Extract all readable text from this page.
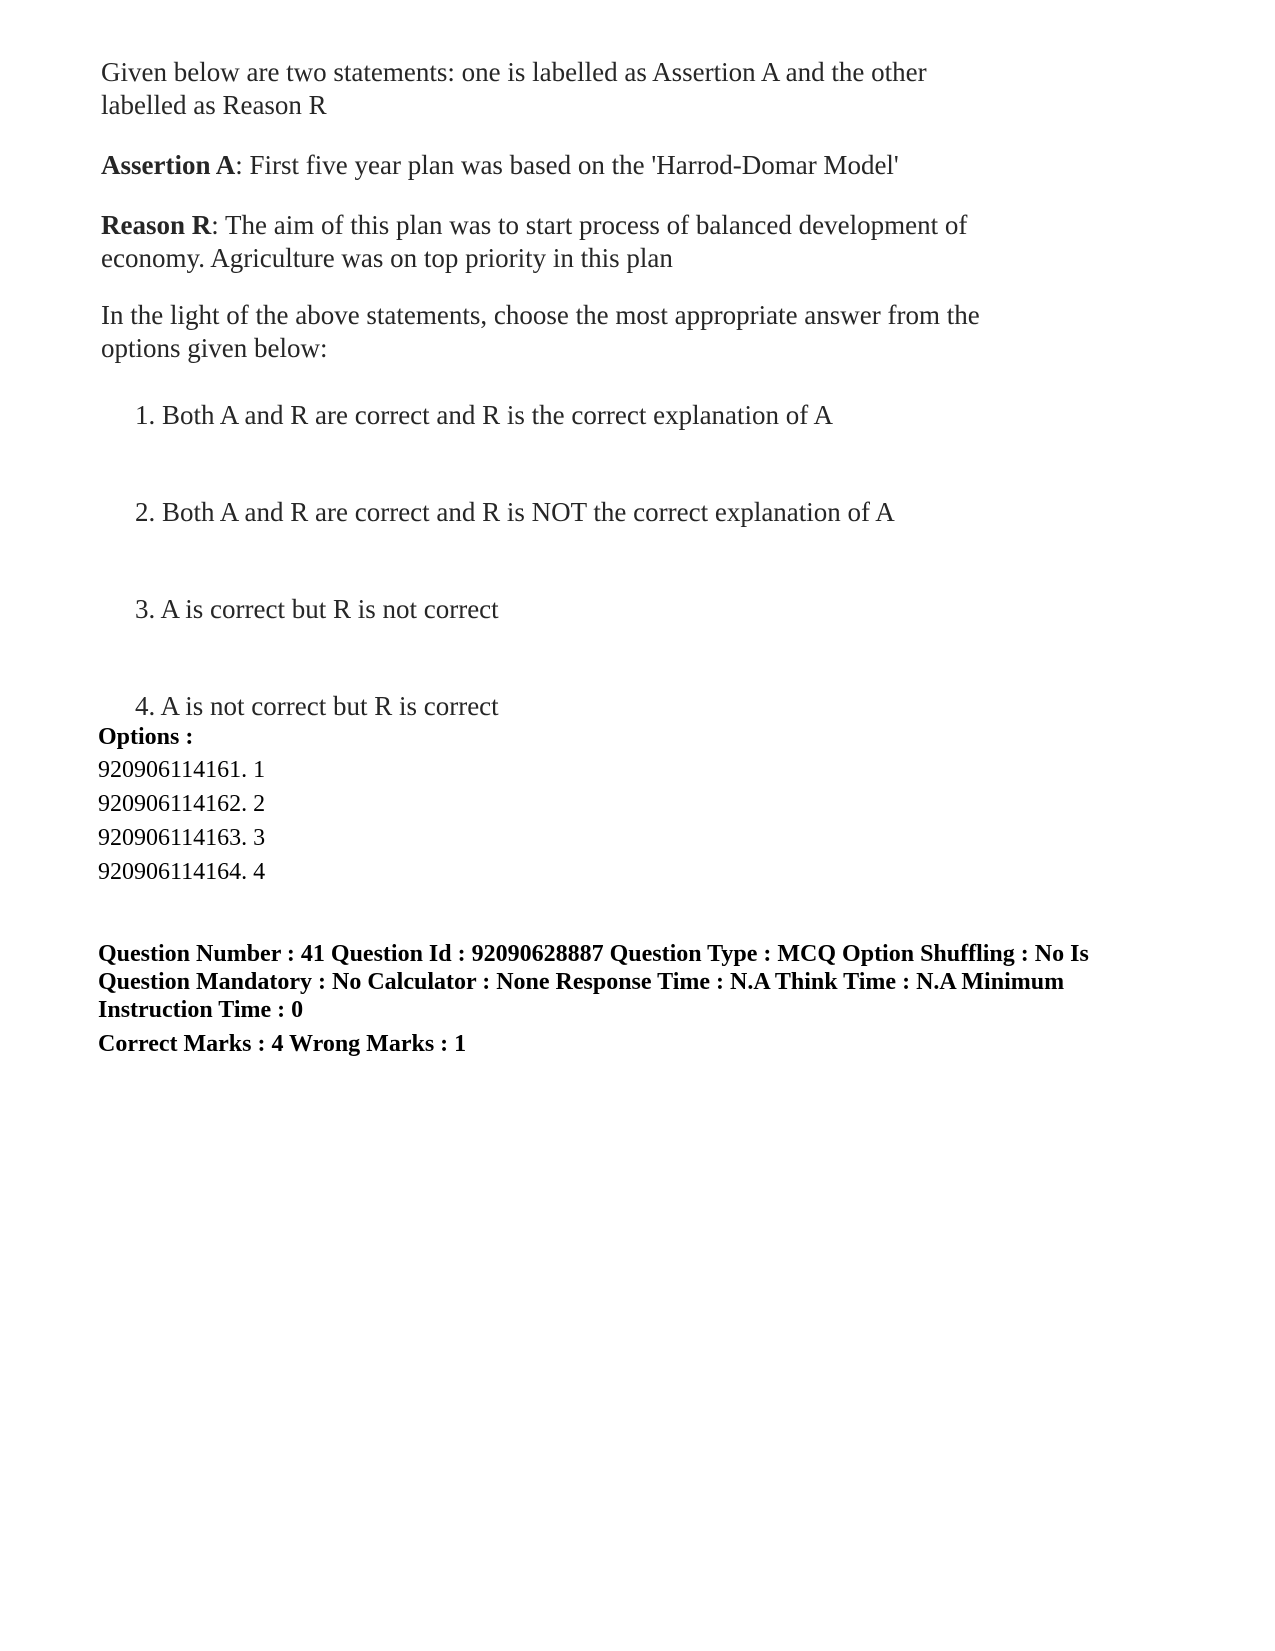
Given below are two statements: one is labelled as Assertion A and the other labelled as Reason R

Assertion A: First five year plan was based on the 'Harrod-Domar Model'

Reason R: The aim of this plan was to start process of balanced development of economy. Agriculture was on top priority in this plan

In the light of the above statements, choose the most appropriate answer from the options given below:

1. Both A and R are correct and R is the correct explanation of A
2. Both A and R are correct and R is NOT the correct explanation of A
3. A is correct but R is not correct
4. A is not correct but R is correct
Options :
920906114161. 1
920906114162. 2
920906114163. 3
920906114164. 4
Question Number : 41 Question Id : 92090628887 Question Type : MCQ Option Shuffling : No Is
Question Mandatory : No Calculator : None Response Time : N.A Think Time : N.A Minimum
Instruction Time : 0
Correct Marks : 4 Wrong Marks : 1
